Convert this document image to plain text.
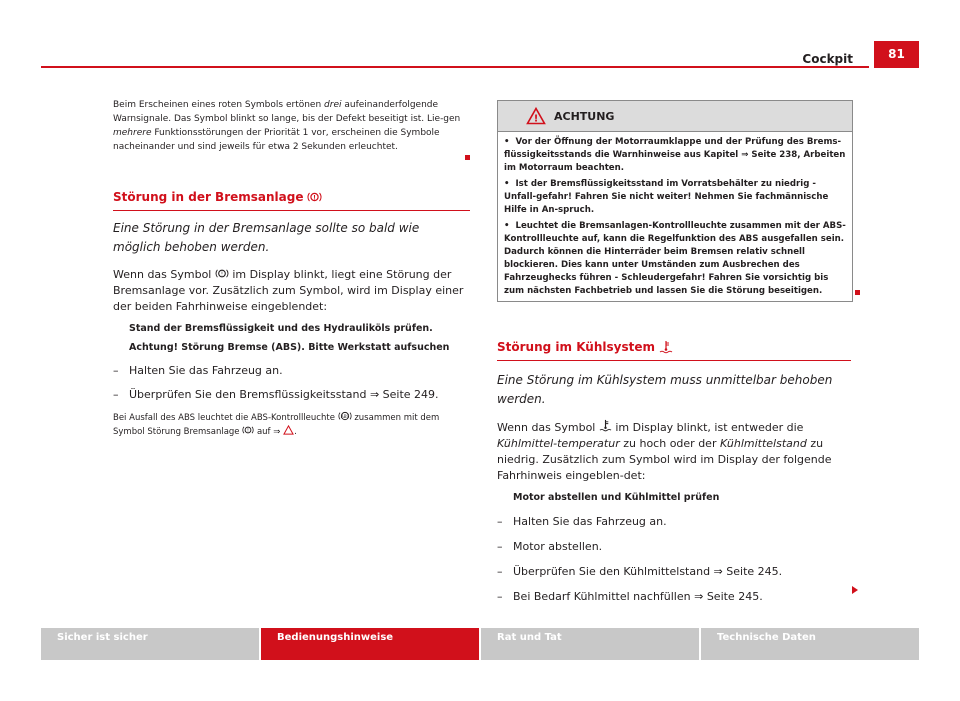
Cockpit	81

Beim Erscheinen eines roten Symbols ertönen drei aufeinanderfolgende Warnsignale. Das Symbol blinkt so lange, bis der Defekt beseitigt ist. Lie-gen mehrere Funktionsstörungen der Priorität 1 vor, erscheinen die Symbole nacheinander und sind jeweils für etwa 2 Sekunden erleuchtet.

Störung in der Bremsanlage !

Eine Störung in der Bremsanlage sollte so bald wie möglich behoben werden.

Wenn das Symbol ! im Display blinkt, liegt eine Störung der Bremsanlage vor. Zusätzlich zum Symbol, wird im Display einer der beiden Fahrhinweise eingeblendet:

Stand der Bremsflüssigkeit und des Hydrauliköls prüfen.

Achtung! Störung Bremse (ABS). Bitte Werkstatt aufsuchen

– Halten Sie das Fahrzeug an.
– Überprüfen Sie den Bremsflüssigkeitsstand ⇒ Seite 249.

Bei Ausfall des ABS leuchtet die ABS-Kontrollleuchte ABS zusammen mit dem Symbol Störung Bremsanlage ! auf ⇒ .

! ACHTUNG

•  Vor der Öffnung der Motorraumklappe und der Prüfung des Brems-flüssigkeitsstands die Warnhinweise aus Kapitel ⇒ Seite 238, Arbeiten im Motorraum beachten.

•  Ist der Bremsflüssigkeitsstand im Vorratsbehälter zu niedrig - Unfall-gefahr! Fahren Sie nicht weiter! Nehmen Sie fachmännische Hilfe in An-spruch.

•  Leuchtet die Bremsanlagen-Kontrollleuchte zusammen mit der ABS-Kontrollleuchte auf, kann die Regelfunktion des ABS ausgefallen sein. Dadurch können die Hinterräder beim Bremsen relativ schnell blockieren. Dies kann unter Umständen zum Ausbrechen des Fahrzeughecks führen - Schleudergefahr! Fahren Sie vorsichtig bis zum nächsten Fachbetrieb und lassen Sie die Störung beseitigen.

Störung im Kühlsystem

Eine Störung im Kühlsystem muss unmittelbar behoben werden.

Wenn das Symbol im Display blinkt, ist entweder die Kühlmittel-temperatur zu hoch oder der Kühlmittelstand zu niedrig. Zusätzlich zum Symbol wird im Display der folgende Fahrhinweis eingeblen-det:

Motor abstellen und Kühlmittel prüfen

– Halten Sie das Fahrzeug an.
– Motor abstellen.
– Überprüfen Sie den Kühlmittelstand ⇒ Seite 245.
– Bei Bedarf Kühlmittel nachfüllen ⇒ Seite 245.
Sicher ist sicher	Bedienungshinweise	Rat und Tat	Technische Daten
